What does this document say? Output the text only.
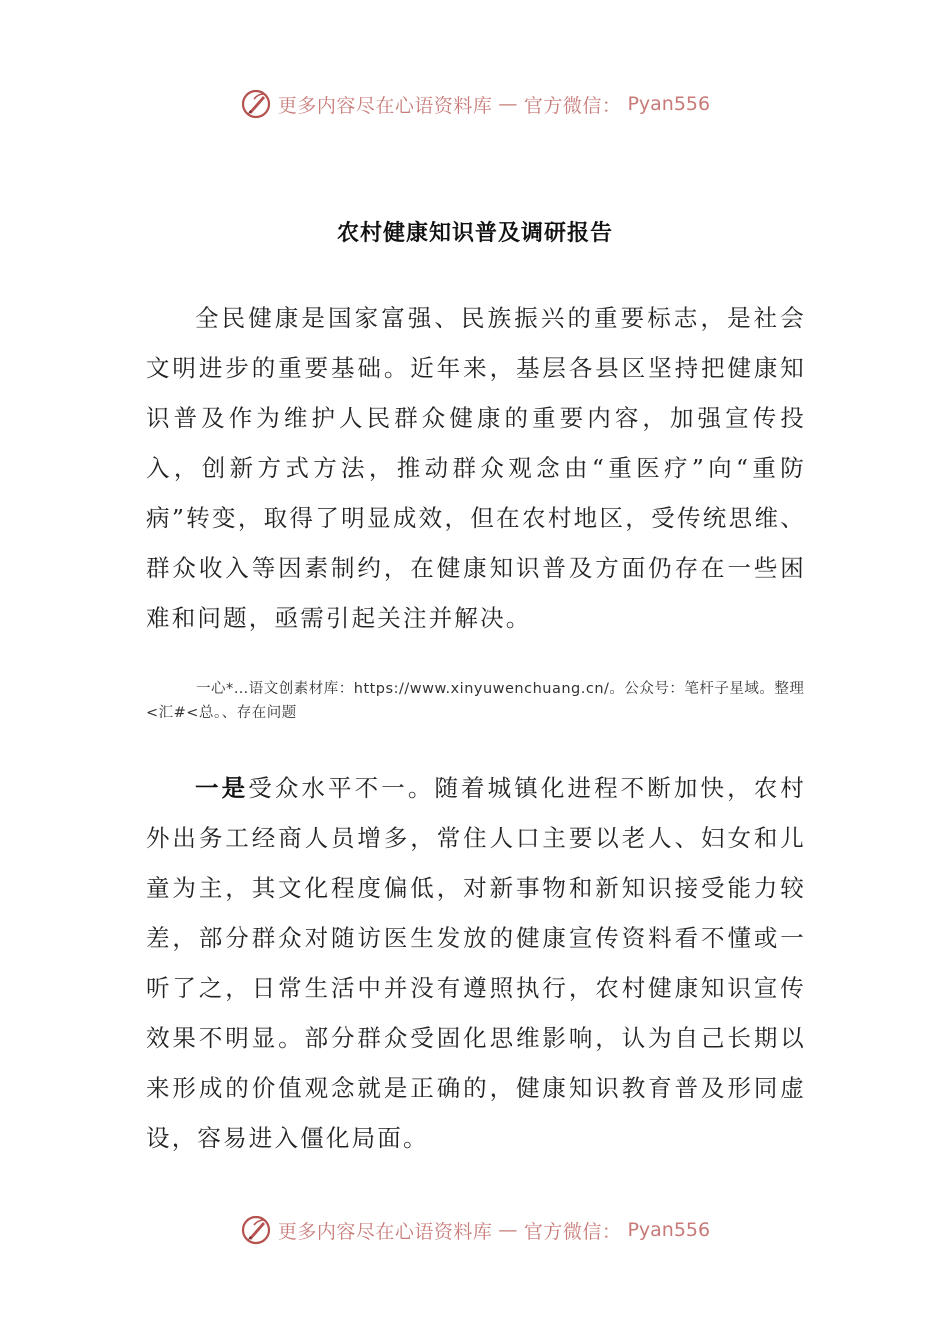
更多内容尽在心语资料库 — 官方微信： Pyan556
农村健康知识普及调研报告

全民健康是国家富强、民族振兴的重要标志，是社会文明进步的重要基础。近年来，基层各县区坚持把健康知识普及作为维护人民群众健康的重要内容，加强宣传投入，创新方式方法，推动群众观念由“重医疗”向“重防病”转变，取得了明显成效，但在农村地区，受传统思维、群众收入等因素制约，在健康知识普及方面仍存在一些困难和问题，亟需引起关注并解决。

一心*…语文创素材库：https://www.xinyuwenchuang.cn/。公众号：笔杆子星域。整理<汇#<总。、存在问题

一是受众水平不一。随着城镇化进程不断加快，农村外出务工经商人员增多，常住人口主要以老人、妇女和儿童为主，其文化程度偏低，对新事物和新知识接受能力较差，部分群众对随访医生发放的健康宣传资料看不懂或一听了之，日常生活中并没有遵照执行，农村健康知识宣传效果不明显。部分群众受固化思维影响，认为自己长期以来形成的价值观念就是正确的，健康知识教育普及形同虚设，容易进入僵化局面。

更多内容尽在心语资料库 — 官方微信： Pyan556
